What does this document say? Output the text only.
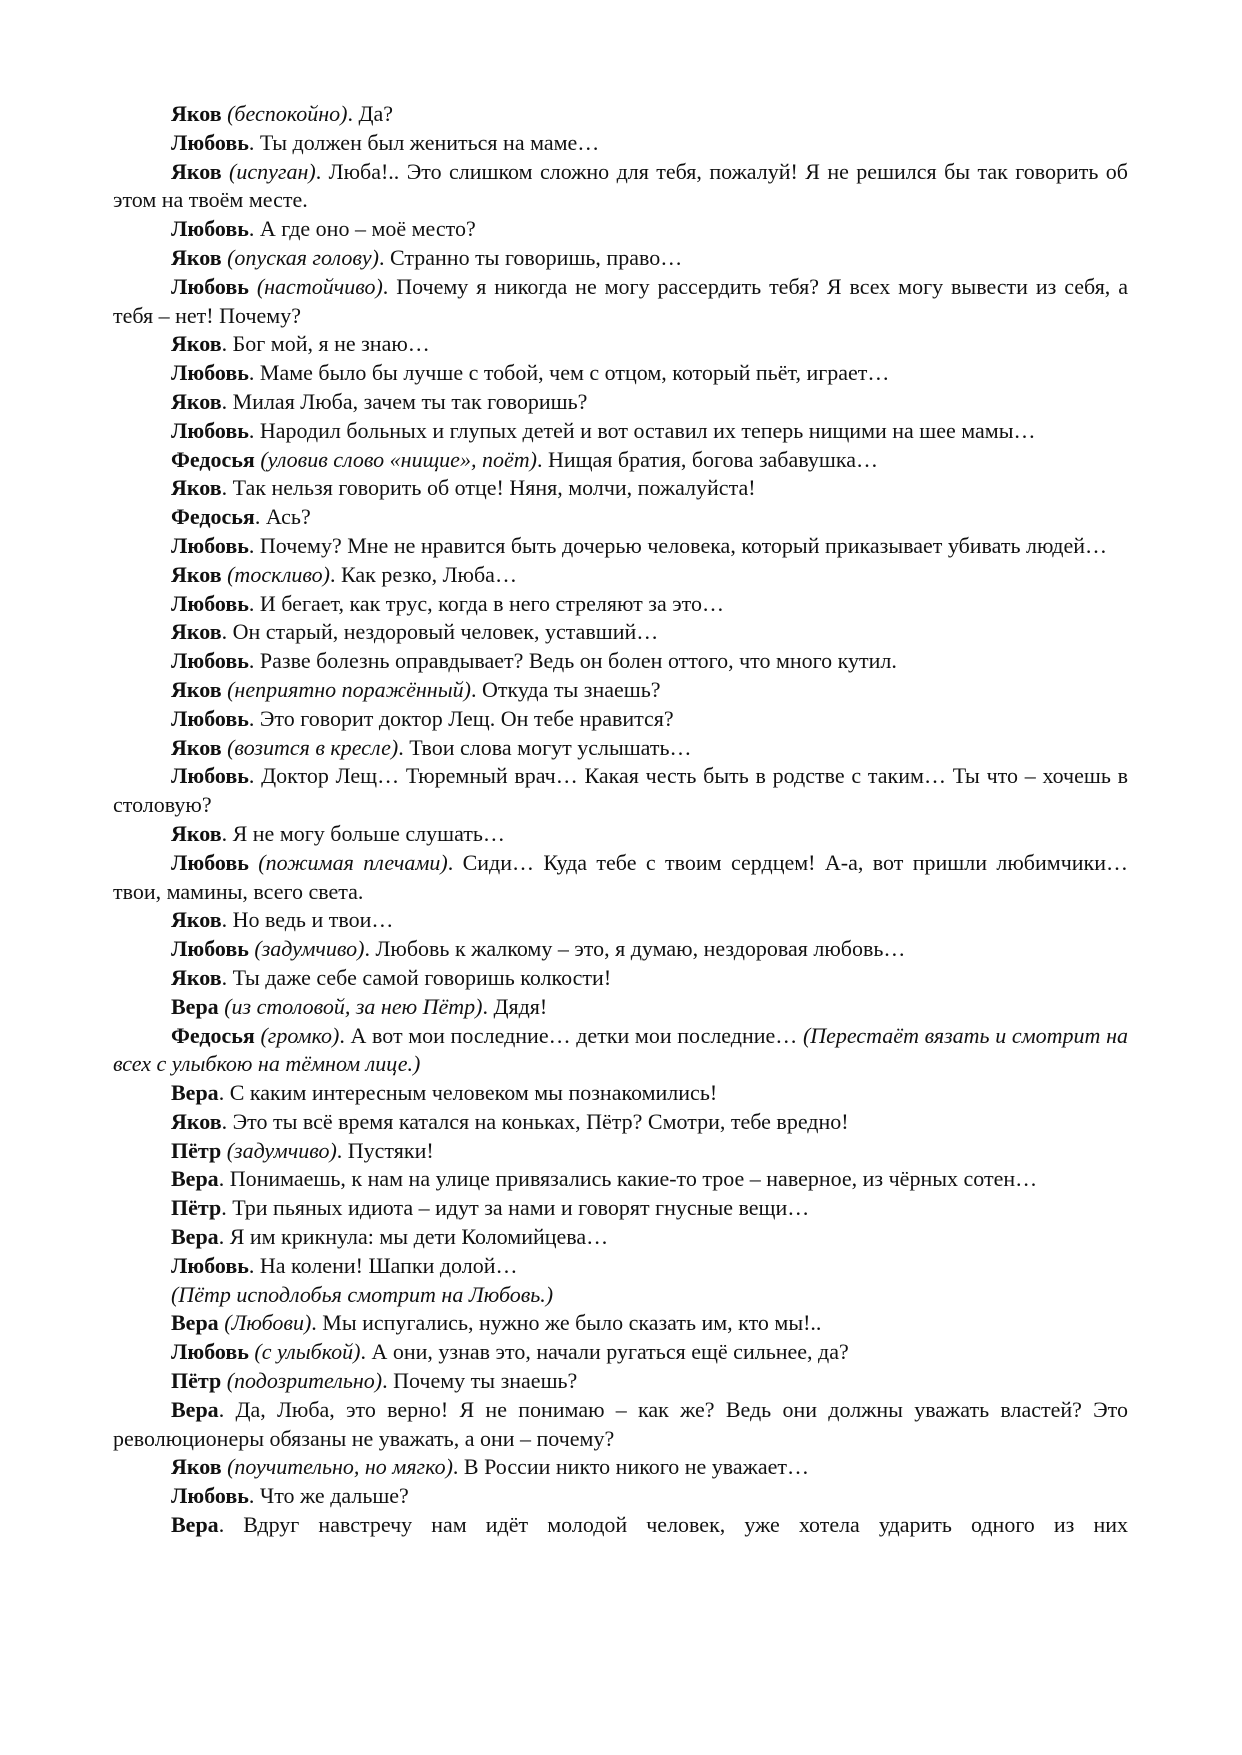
Яков (беспокойно). Да?

Любовь. Ты должен был жениться на маме…

Яков (испуган). Люба!.. Это слишком сложно для тебя, пожалуй! Я не решился бы так говорить об этом на твоём месте.

Любовь. А где оно – моё место?

Яков (опуская голову). Странно ты говоришь, право…

Любовь (настойчиво). Почему я никогда не могу рассердить тебя? Я всех могу вывести из себя, а тебя – нет! Почему?

Яков. Бог мой, я не знаю…

Любовь. Маме было бы лучше с тобой, чем с отцом, который пьёт, играет…

Яков. Милая Люба, зачем ты так говоришь?

Любовь. Народил больных и глупых детей и вот оставил их теперь нищими на шее мамы…

Федосья (уловив слово «нищие», поёт). Нищая братия, богова забавушка…

Яков. Так нельзя говорить об отце! Няня, молчи, пожалуйста!

Федосья. Ась?

Любовь. Почему? Мне не нравится быть дочерью человека, который приказывает убивать людей…

Яков (тоскливо). Как резко, Люба…

Любовь. И бегает, как трус, когда в него стреляют за это…

Яков. Он старый, нездоровый человек, уставший…

Любовь. Разве болезнь оправдывает? Ведь он болен оттого, что много кутил.

Яков (неприятно поражённый). Откуда ты знаешь?

Любовь. Это говорит доктор Лещ. Он тебе нравится?

Яков (возится в кресле). Твои слова могут услышать…

Любовь. Доктор Лещ… Тюремный врач… Какая честь быть в родстве с таким… Ты что – хочешь в столовую?

Яков. Я не могу больше слушать…

Любовь (пожимая плечами). Сиди… Куда тебе с твоим сердцем! А-а, вот пришли любимчики… твои, мамины, всего света.

Яков. Но ведь и твои…

Любовь (задумчиво). Любовь к жалкому – это, я думаю, нездоровая любовь…

Яков. Ты даже себе самой говоришь колкости!

Вера (из столовой, за нею Пётр). Дядя!

Федосья (громко). А вот мои последние… детки мои последние… (Перестаёт вязать и смотрит на всех с улыбкою на тёмном лице.)

Вера. С каким интересным человеком мы познакомились!

Яков. Это ты всё время катался на коньках, Пётр? Смотри, тебе вредно!

Пётр (задумчиво). Пустяки!

Вера. Понимаешь, к нам на улице привязались какие-то трое – наверное, из чёрных сотен…

Пётр. Три пьяных идиота – идут за нами и говорят гнусные вещи…

Вера. Я им крикнула: мы дети Коломийцева…

Любовь. На колени! Шапки долой…

(Пётр исподлобья смотрит на Любовь.)

Вера (Любови). Мы испугались, нужно же было сказать им, кто мы!..

Любовь (с улыбкой). А они, узнав это, начали ругаться ещё сильнее, да?

Пётр (подозрительно). Почему ты знаешь?

Вера. Да, Люба, это верно! Я не понимаю – как же? Ведь они должны уважать властей? Это революционеры обязаны не уважать, а они – почему?

Яков (поучительно, но мягко). В России никто никого не уважает…

Любовь. Что же дальше?

Вера. Вдруг навстречу нам идёт молодой человек, уже хотела ударить одного из них
